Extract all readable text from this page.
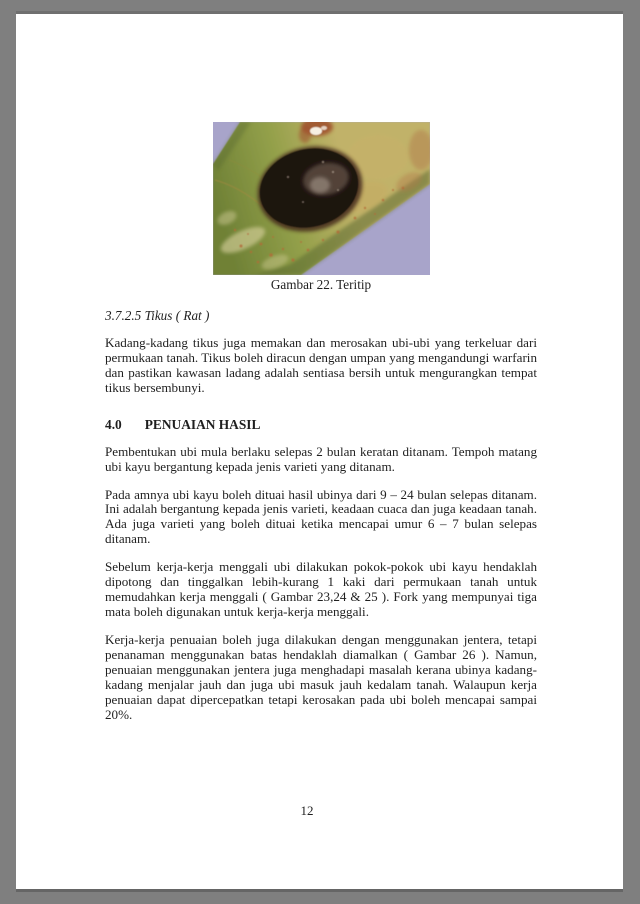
Gambar 22. Teritip
3.7.2.5 Tikus ( Rat )

Kadang-kadang tikus juga memakan dan merosakan ubi-ubi yang terkeluar dari permukaan tanah. Tikus boleh diracun dengan umpan yang mengandungi warfarin dan pastikan kawasan ladang adalah sentiasa bersih untuk mengurangkan tempat tikus bersembunyi.

4.0 PENUAIAN HASIL

Pembentukan ubi mula berlaku selepas 2 bulan keratan ditanam. Tempoh matang ubi kayu bergantung kepada jenis varieti yang ditanam.

Pada amnya ubi kayu boleh dituai hasil ubinya dari 9 – 24 bulan selepas ditanam. Ini adalah bergantung kepada jenis varieti, keadaan cuaca dan juga keadaan tanah. Ada juga varieti yang boleh dituai ketika mencapai umur 6 – 7 bulan selepas ditanam.

Sebelum kerja-kerja menggali ubi dilakukan pokok-pokok ubi kayu hendaklah dipotong dan tinggalkan lebih-kurang 1 kaki dari permukaan tanah untuk memudahkan kerja menggali ( Gambar 23,24 & 25 ). Fork yang mempunyai tiga mata boleh digunakan untuk kerja-kerja menggali.

Kerja-kerja penuaian boleh juga dilakukan dengan menggunakan jentera, tetapi penanaman menggunakan batas hendaklah diamalkan ( Gambar 26 ). Namun, penuaian menggunakan jentera juga menghadapi masalah kerana ubinya kadang-kadang menjalar jauh dan juga ubi masuk jauh kedalam tanah. Walaupun kerja penuaian dapat dipercepatkan tetapi kerosakan pada ubi boleh mencapai sampai 20%.

12
